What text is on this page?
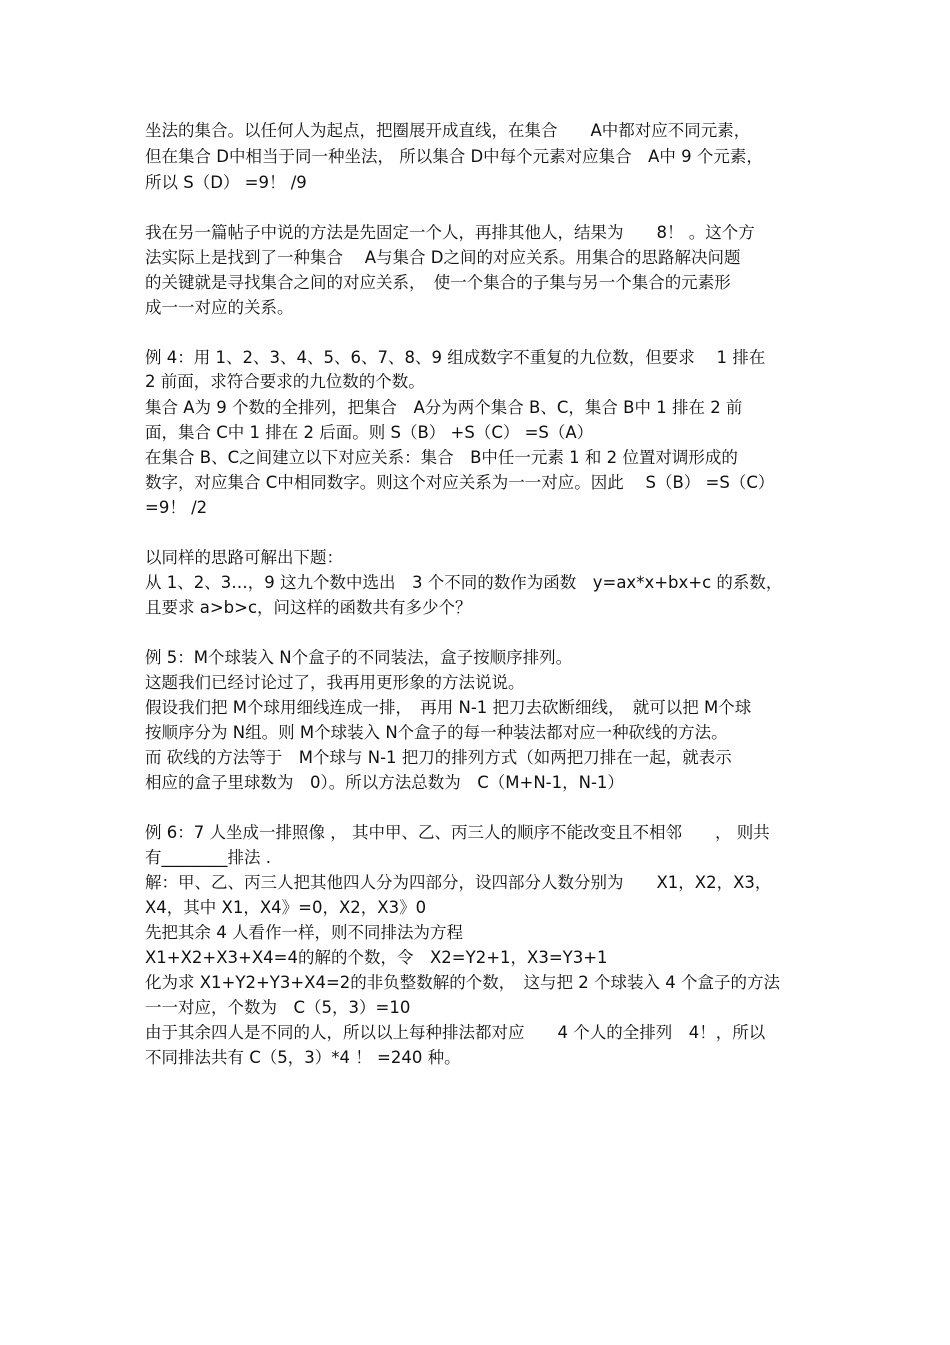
坐法的集合。以任何人为起点，把圈展开成直线，在集合　　A中都对应不同元素，
但在集合 D中相当于同一种坐法， 所以集合 D中每个元素对应集合　A中 9 个元素，
所以 S（D） =9！ /9
我在另一篇帖子中说的方法是先固定一个人，再排其他人，结果为　　8！ 。这个方
法实际上是找到了一种集合　 A与集合 D之间的对应关系。用集合的思路解决问题
的关键就是寻找集合之间的对应关系，　使一个集合的子集与另一个集合的元素形
成一一对应的关系。
例 4：用 1、2、3、4、5、6、7、8、9 组成数字不重复的九位数，但要求　 1 排在
2 前面，求符合要求的九位数的个数。
集合 A为 9 个数的全排列，把集合　A分为两个集合 B、C，集合 B中 1 排在 2 前
面，集合 C中 1 排在 2 后面。则 S（B） +S（C） =S（A）
在集合 B、C之间建立以下对应关系：集合　B中任一元素 1 和 2 位置对调形成的
数字，对应集合 C中相同数字。则这个对应关系为一一对应。因此　 S（B） =S（C）
=9！ /2
以同样的思路可解出下题：
从 1、2、3…，9 这九个数中选出　3 个不同的数作为函数　y=ax*x+bx+c 的系数，
且要求 a>b>c，问这样的函数共有多少个？
例 5：M个球装入 N个盒子的不同装法，盒子按顺序排列。
这题我们已经讨论过了，我再用更形象的方法说说。
假设我们把 M个球用细线连成一排，　再用 N-1 把刀去砍断细线，　就可以把 M个球
按顺序分为 N组。则 M个球装入 N个盒子的每一种装法都对应一种砍线的方法。
而 砍线的方法等于　M个球与 N-1 把刀的排列方式（如两把刀排在一起，就表示
相应的盒子里球数为　0）。所以方法总数为　C（M+N-1，N-1）
例 6：7 人坐成一排照像 ， 其中甲、乙、丙三人的顺序不能改变且不相邻　　， 则共
有________排法 .
解：甲、乙、丙三人把其他四人分为四部分，设四部分人数分别为　　X1，X2，X3，
X4，其中 X1，X4》=0，X2，X3》0
先把其余 4 人看作一样，则不同排法为方程
X1+X2+X3+X4=4的解的个数，令　X2=Y2+1，X3=Y3+1
化为求 X1+Y2+Y3+X4=2的非负整数解的个数，　这与把 2 个球装入 4 个盒子的方法
一一对应，个数为　C（5，3）=10
由于其余四人是不同的人，所以以上每种排法都对应　　4 个人的全排列　4！，所以
不同排法共有 C（5，3）*4 ！ =240 种。
